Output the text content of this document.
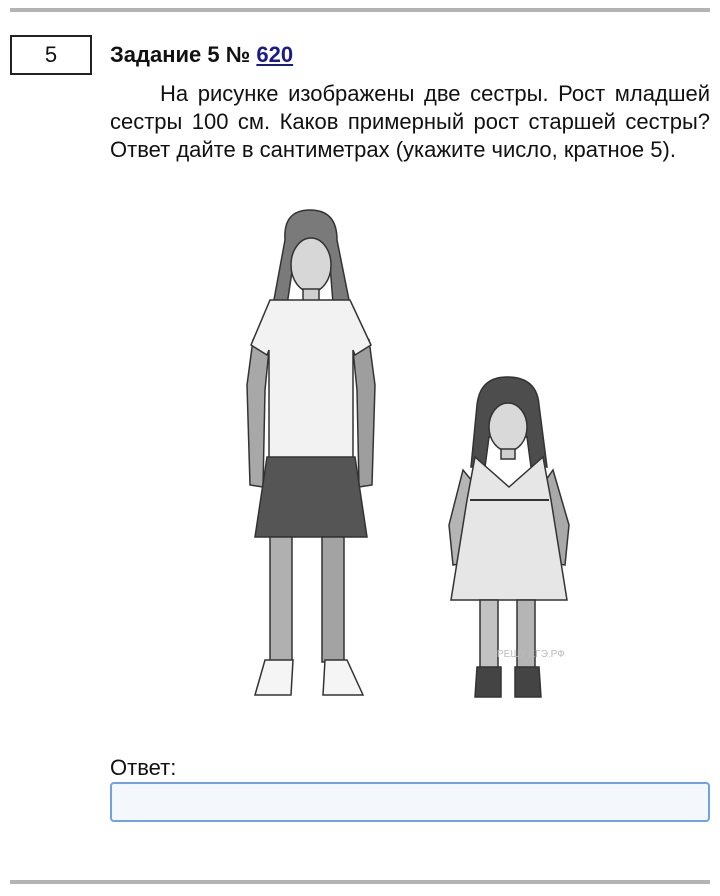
5 Задание 5 № 620
На рисунке изображены две сестры. Рост младшей сестры 100 см. Каков примерный рост старшей сестры? Ответ дайте в сантиметрах (укажите число, кратное 5).
РЕШУ ЕГЭ.РФ
Ответ:
